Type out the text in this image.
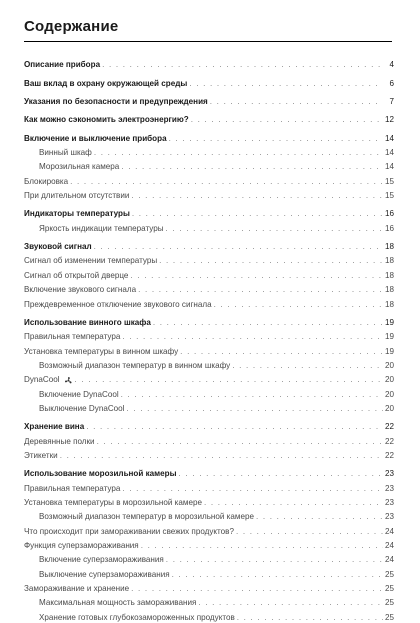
Содержание
Описание прибора . . .	4
Ваш вклад в охрану окружающей среды . . .	6
Указания по безопасности и предупреждения . . .	7
Как можно сэкономить электроэнергию? . . .	12
Включение и выключение прибора . . .	14
Винный шкаф . . .	14
Морозильная камера . . .	14
Блокировка . . .	15
При длительном отсутствии . . .	15
Индикаторы температуры . . .	16
Яркость индикации температуры . . .	16
Звуковой сигнал . . .	18
Сигнал об изменении температуры . . .	18
Сигнал об открытой дверце . . .	18
Включение звукового сигнала . . .	18
Преждевременное отключение звукового сигнала . . .	18
Использование винного шкафа . . .	19
Правильная температура . . .	19
Установка температуры в винном шкафу . . .	19
Возможный диапазон температур в винном шкафу . . .	20
DynaCool . . .	20
Включение DynaCool . . .	20
Выключение DynaCool . . .	20
Хранение вина . . .	22
Деревянные полки . . .	22
Этикетки . . .	22
Использование морозильной камеры . . .	23
Правильная температура . . .	23
Установка температуры в морозильной камере . . .	23
Возможный диапазон температур в морозильной камере . . .	23
Что происходит при замораживании свежих продуктов? . . .	24
Функция суперзамораживания . . .	24
Включение суперзамораживания . . .	24
Выключение суперзамораживания . . .	25
Замораживание и хранение . . .	25
Максимальная мощность замораживания . . .	25
Хранение готовых глубокозамороженных продуктов . . .	25
